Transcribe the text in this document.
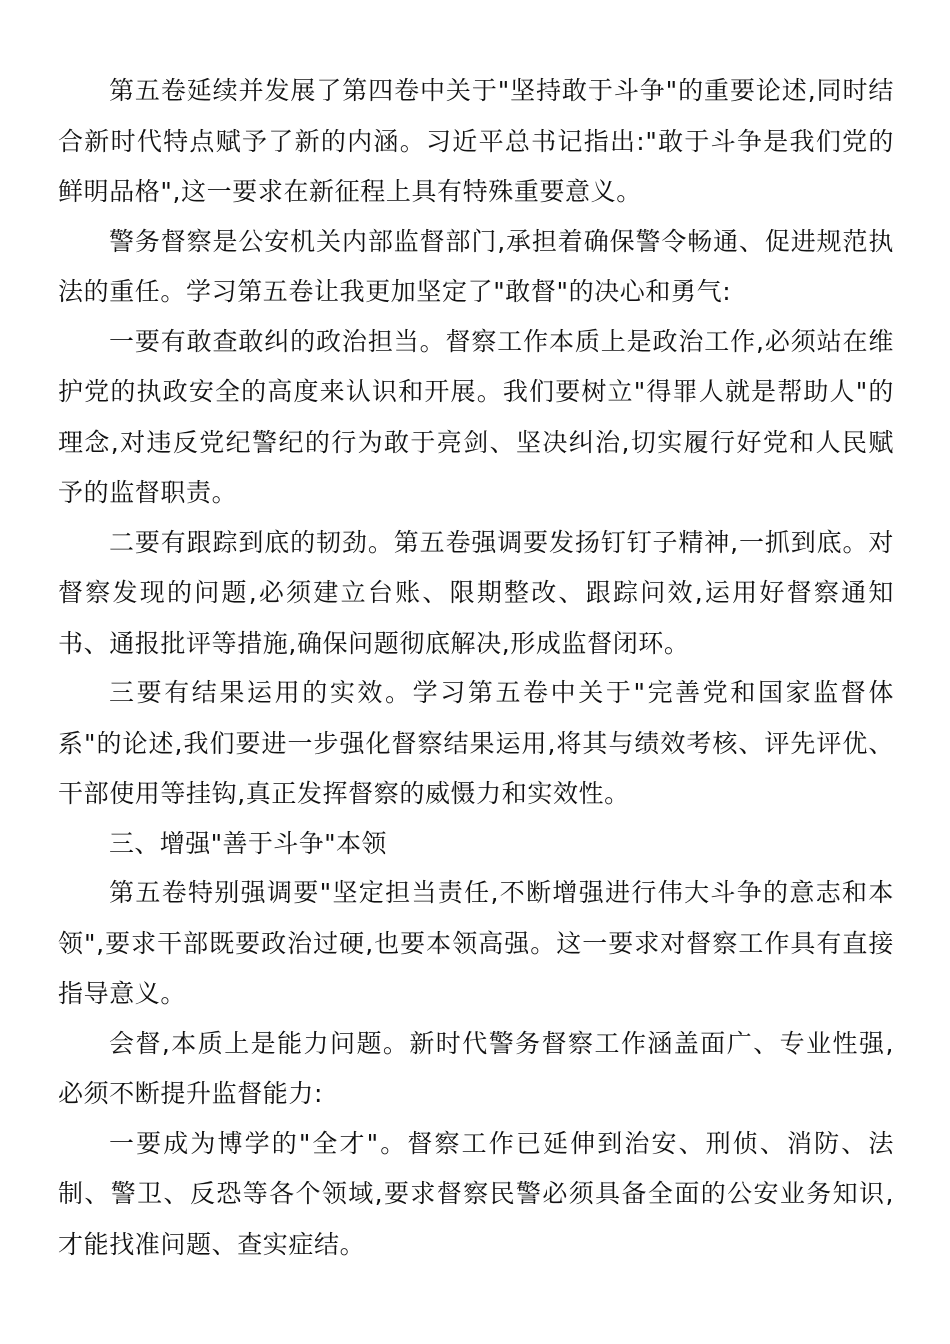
第五卷延续并发展了第四卷中关于"坚持敢于斗争"的重要论述,同时结合新时代特点赋予了新的内涵。习近平总书记指出:"敢于斗争是我们党的鲜明品格",这一要求在新征程上具有特殊重要意义。

警务督察是公安机关内部监督部门,承担着确保警令畅通、促进规范执法的重任。学习第五卷让我更加坚定了"敢督"的决心和勇气:

一要有敢查敢纠的政治担当。督察工作本质上是政治工作,必须站在维护党的执政安全的高度来认识和开展。我们要树立"得罪人就是帮助人"的理念,对违反党纪警纪的行为敢于亮剑、坚决纠治,切实履行好党和人民赋予的监督职责。

二要有跟踪到底的韧劲。第五卷强调要发扬钉钉子精神,一抓到底。对督察发现的问题,必须建立台账、限期整改、跟踪问效,运用好督察通知书、通报批评等措施,确保问题彻底解决,形成监督闭环。

三要有结果运用的实效。学习第五卷中关于"完善党和国家监督体系"的论述,我们要进一步强化督察结果运用,将其与绩效考核、评先评优、干部使用等挂钩,真正发挥督察的威慑力和实效性。

三、增强"善于斗争"本领

第五卷特别强调要"坚定担当责任,不断增强进行伟大斗争的意志和本领",要求干部既要政治过硬,也要本领高强。这一要求对督察工作具有直接指导意义。

会督,本质上是能力问题。新时代警务督察工作涵盖面广、专业性强,必须不断提升监督能力:

一要成为博学的"全才"。督察工作已延伸到治安、刑侦、消防、法制、警卫、反恐等各个领域,要求督察民警必须具备全面的公安业务知识,才能找准问题、查实症结。
